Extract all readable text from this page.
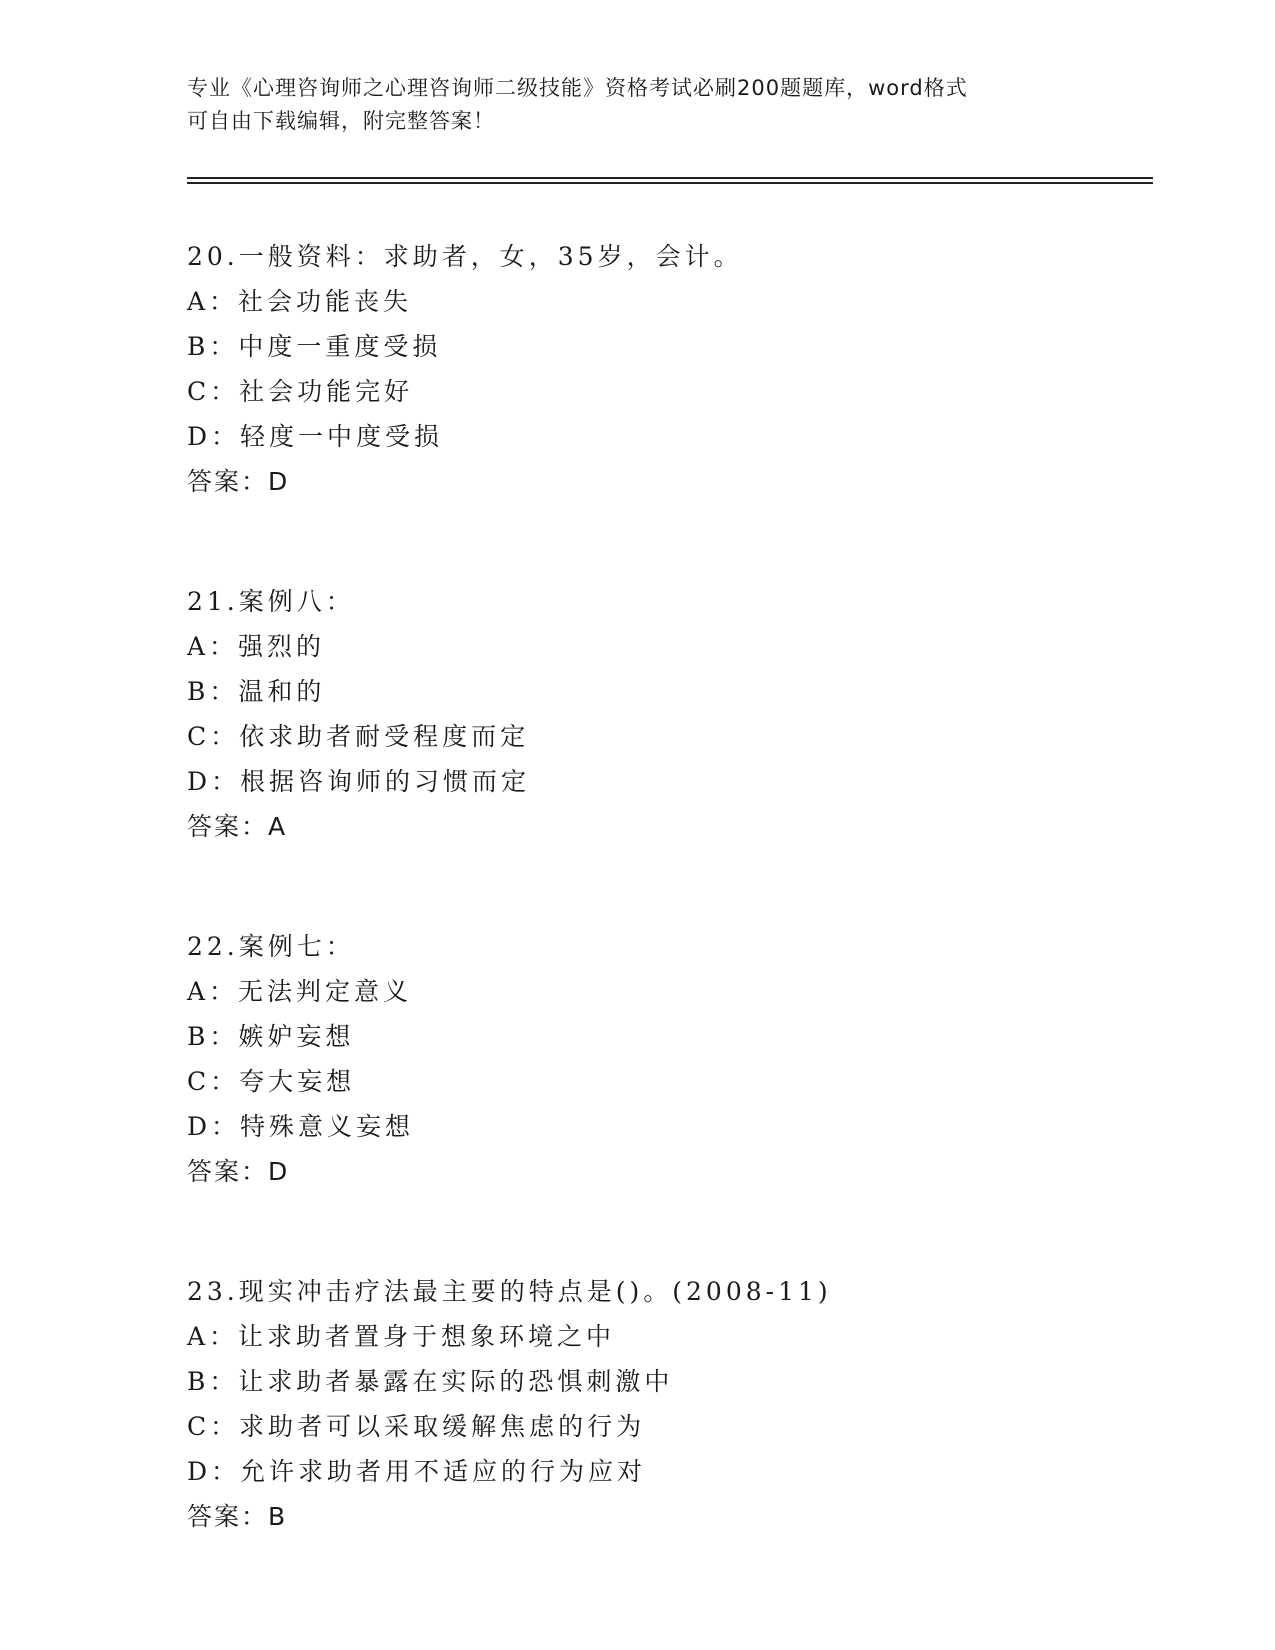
专业《心理咨询师之心理咨询师二级技能》资格考试必刷200题题库，word格式
可自由下载编辑，附完整答案！
20.一般资料：求助者，女，35岁，会计。
A：社会功能丧失
B：中度一重度受损
C：社会功能完好
D：轻度一中度受损
答案：D
21.案例八：
A：强烈的
B：温和的
C：依求助者耐受程度而定
D：根据咨询师的习惯而定
答案：A
22.案例七：
A：无法判定意义
B：嫉妒妄想
C：夸大妄想
D：特殊意义妄想
答案：D
23.现实冲击疗法最主要的特点是()。(2008-11)
A：让求助者置身于想象环境之中
B：让求助者暴露在实际的恐惧刺激中
C：求助者可以采取缓解焦虑的行为
D：允许求助者用不适应的行为应对
答案：B
